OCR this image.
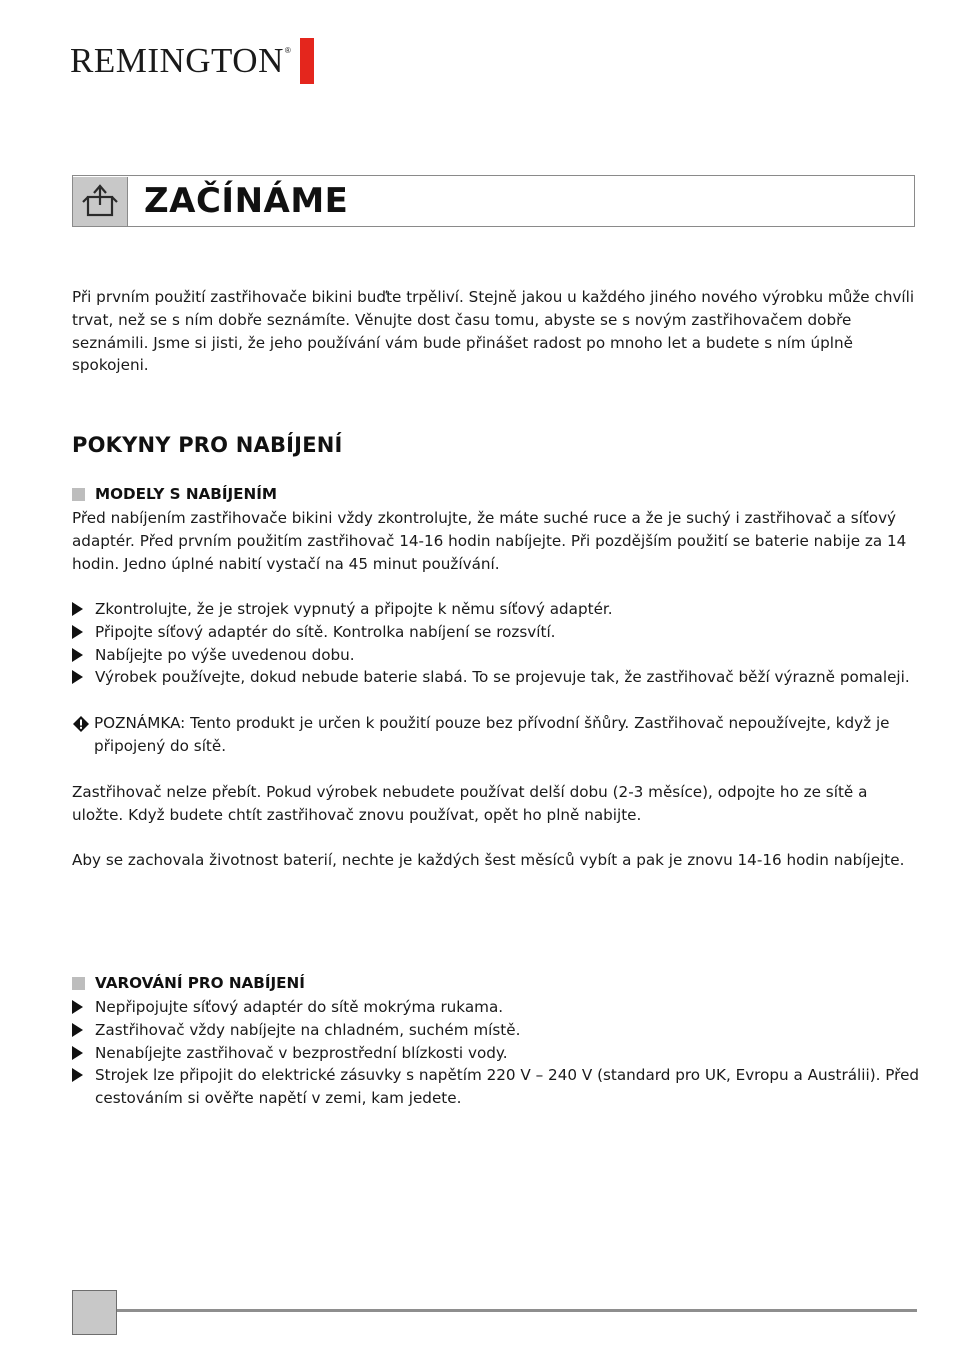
REMINGTON ®
ZAČÍNÁME

Při prvním použití zastřihovače bikini buďte trpěliví. Stejně jakou u každého jiného nového výrobku může chvíli trvat, než se s ním dobře seznámíte. Věnujte dost času tomu, abyste se s novým zastřihovačem dobře seznámili. Jsme si jisti, že jeho používání vám bude přinášet radost po mnoho let a budete s ním úplně spokojeni.

POKYNY PRO NABÍJENÍ
MODELY S NABÍJENÍM

Před nabíjením zastřihovače bikini vždy zkontrolujte, že máte suché ruce a že je suchý i zastřihovač a síťový adaptér. Před prvním použitím zastřihovač 14-16 hodin nabíjejte. Při pozdějším použití se baterie nabije za 14 hodin. Jedno úplné nabití vystačí na 45 minut používání.

Zkontrolujte, že je strojek vypnutý a připojte k němu síťový adaptér.
Připojte síťový adaptér do sítě. Kontrolka nabíjení se rozsvítí.
Nabíjejte po výše uvedenou dobu.
Výrobek používejte, dokud nebude baterie slabá. To se projevuje tak, že zastřihovač běží výrazně pomaleji.
POZNÁMKA: Tento produkt je určen k použití pouze bez přívodní šňůry. Zastřihovač nepoužívejte, když je připojený do sítě.

Zastřihovač nelze přebít. Pokud výrobek nebudete používat delší dobu (2-3 měsíce), odpojte ho ze sítě a uložte. Když budete chtít zastřihovač znovu používat, opět ho plně nabijte.

Aby se zachovala životnost baterií, nechte je každých šest měsíců vybít a pak je znovu 14-16 hodin nabíjejte.

VAROVÁNÍ PRO NABÍJENÍ
Nepřipojujte síťový adaptér do sítě mokrýma rukama.
Zastřihovač vždy nabíjejte na chladném, suchém místě.
Nenabíjejte zastřihovač v bezprostřední blízkosti vody.
Strojek lze připojit do elektrické zásuvky s napětím 220 V – 240 V (standard pro UK, Evropu a Austrálii). Před cestováním si ověřte napětí v zemi, kam jedete.
